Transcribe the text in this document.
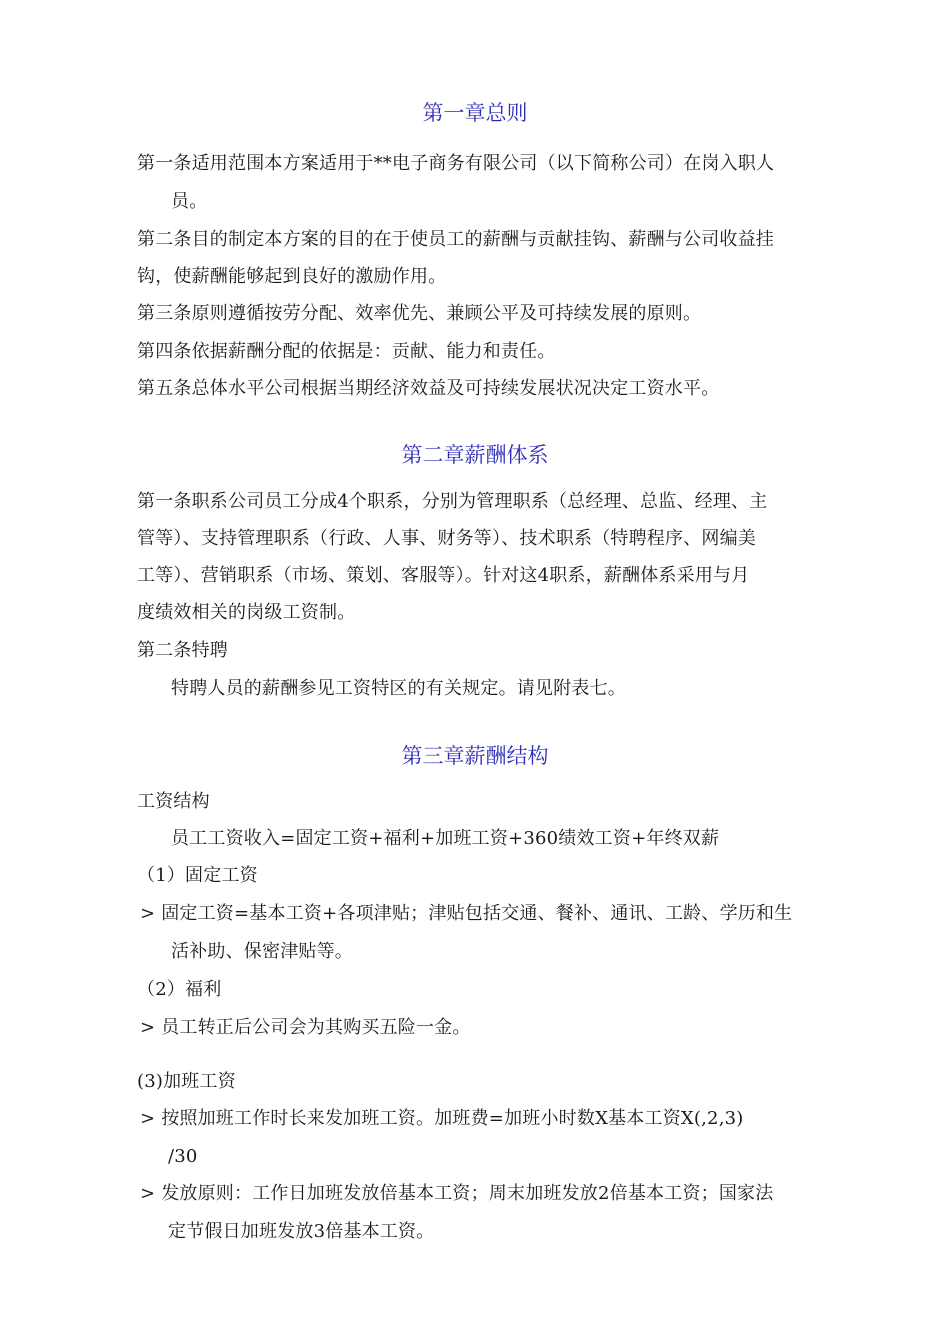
第一章总则
第一条适用范围本方案适用于**电子商务有限公司（以下简称公司）在岗入职人
员。
第二条目的制定本方案的目的在于使员工的薪酬与贡献挂钩、薪酬与公司收益挂
钩，使薪酬能够起到良好的激励作用。
第三条原则遵循按劳分配、效率优先、兼顾公平及可持续发展的原则。
第四条依据薪酬分配的依据是：贡献、能力和责任。
第五条总体水平公司根据当期经济效益及可持续发展状况决定工资水平。
第二章薪酬体系
第一条职系公司员工分成4个职系，分别为管理职系（总经理、总监、经理、主
管等）、支持管理职系（行政、人事、财务等）、技术职系（特聘程序、网编美
工等）、营销职系（市场、策划、客服等）。针对这4职系，薪酬体系采用与月
度绩效相关的岗级工资制。
第二条特聘
特聘人员的薪酬参见工资特区的有关规定。请见附表七。
第三章薪酬结构
工资结构
员工工资收入=固定工资+福利+加班工资+360绩效工资+年终双薪
（1）固定工资
> 固定工资=基本工资+各项津贴；津贴包括交通、餐补、通讯、工龄、学历和生
活补助、保密津贴等。
（2）福利
> 员工转正后公司会为其购买五险一金。
(3)加班工资
> 按照加班工作时长来发加班工资。加班费=加班小时数X基本工资X(,2,3)
/30
> 发放原则：工作日加班发放倍基本工资；周末加班发放2倍基本工资；国家法
定节假日加班发放3倍基本工资。
